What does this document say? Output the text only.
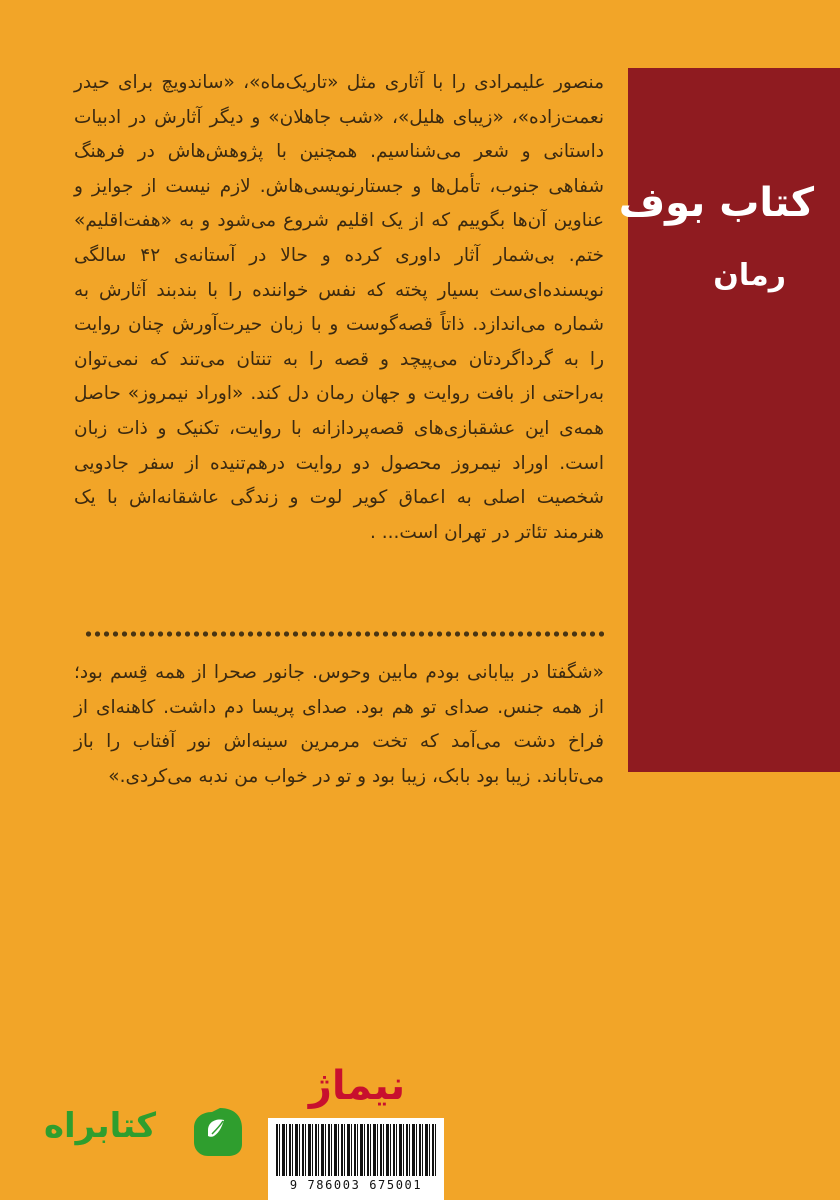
کتاب بوف
رمان

منصور علیمرادی را با آثاری مثل «تاریک‌ماه»، «ساندویچ برای حیدر نعمت‌زاده»، «زیبای هلیل»، «شب جاهلان» و دیگر آثارش در ادبیات داستانی و شعر می‌شناسیم. همچنین با پژوهش‌هاش در فرهنگ شفاهی جنوب، تأمل‌ها و جستارنویسی‌هاش. لازم نیست از جوایز و عناوین آن‌ها بگوییم که از یک اقلیم شروع می‌شود و به «هفت‌اقلیم» ختم. بی‌شمار آثار داوری کرده و حالا در آستانه‌ی ۴۲ سالگی نویسنده‌ای‌ست بسیار پخته که نفس خواننده را با بندبند آثارش به شماره می‌اندازد. ذاتاً قصه‌گوست و با زبان حیرت‌آورش چنان روایت را به گرداگردتان می‌پیچد و قصه را به تنتان می‌تند که نمی‌توان به‌راحتی از بافت روایت و جهان رمان دل کند. «اوراد نیمروز» حاصل همه‌ی این عشقبازی‌های قصه‌پردازانه با روایت، تکنیک و ذات زبان است. اوراد نیمروز محصول دو روایت درهم‌تنیده از سفر جادویی شخصیت اصلی به اعماق کویر لوت و زندگی عاشقانه‌اش با یک هنرمند تئاتر در تهران است... .

«شگفتا در بیابانی بودم مابین وحوس. جانور صحرا از همه قِسم بود؛ از همه جنس. صدای تو هم بود. صدای پریسا دم داشت. کاهنه‌ای از فراخ دشت می‌آمد که تخت مرمرین سینه‌اش نور آفتاب را باز می‌تاباند. زیبا بود بابک، زیبا بود و تو در خواب من ندبه می‌کردی.»

نیماژ
9 786003 675001
کتابراه
